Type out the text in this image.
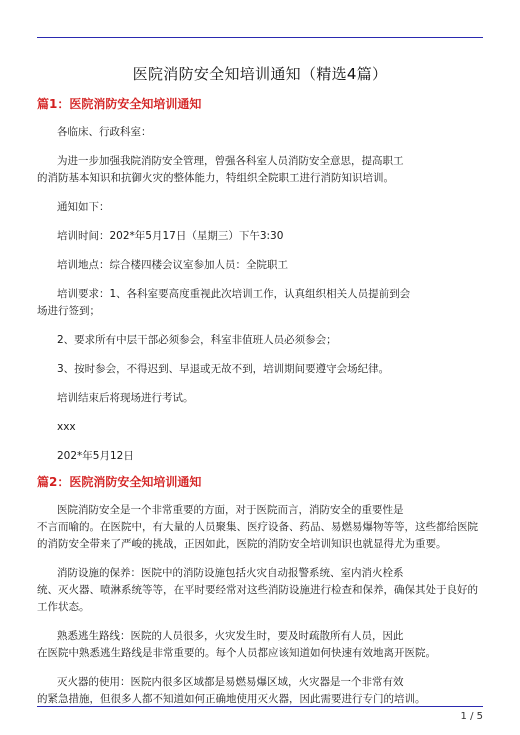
医院消防安全知培训通知（精选4篇）
篇1：医院消防安全知培训通知

各临床、行政科室：

为进一步加强我院消防安全管理，曾强各科室人员消防安全意思，提高职工

的消防基本知识和抗御火灾的整体能力，特组织全院职工进行消防知识培训。

通知如下：

培训时间：202*年5月17日（星期三）下午3:30

培训地点：综合楼四楼会议室参加人员：全院职工

培训要求：1、各科室要高度重视此次培训工作，认真组织相关人员提前到会

场进行签到；

2、要求所有中层干部必须参会，科室非值班人员必须参会；

3、按时参会，不得迟到、早退或无故不到，培训期间要遵守会场纪律。

培训结束后将现场进行考试。

xxx

202*年5月12日

篇2：医院消防安全知培训通知

医院消防安全是一个非常重要的方面，对于医院而言，消防安全的重要性是

不言而喻的。在医院中，有大量的人员聚集、医疗设备、药品、易燃易爆物等等，这些都给医院

的消防安全带来了严峻的挑战，正因如此，医院的消防安全培训知识也就显得尤为重要。

消防设施的保养：医院中的消防设施包括火灾自动报警系统、室内消火栓系

统、灭火器、喷淋系统等等，在平时要经常对这些消防设施进行检查和保养，确保其处于良好的

工作状态。

熟悉逃生路线：医院的人员很多，火灾发生时，要及时疏散所有人员，因此

在医院中熟悉逃生路线是非常重要的。每个人员都应该知道如何快速有效地离开医院。

灭火器的使用：医院内很多区域都是易燃易爆区域，火灾器是一个非常有效

的紧急措施，但很多人都不知道如何正确地使用灭火器，因此需要进行专门的培训。

1 / 5
